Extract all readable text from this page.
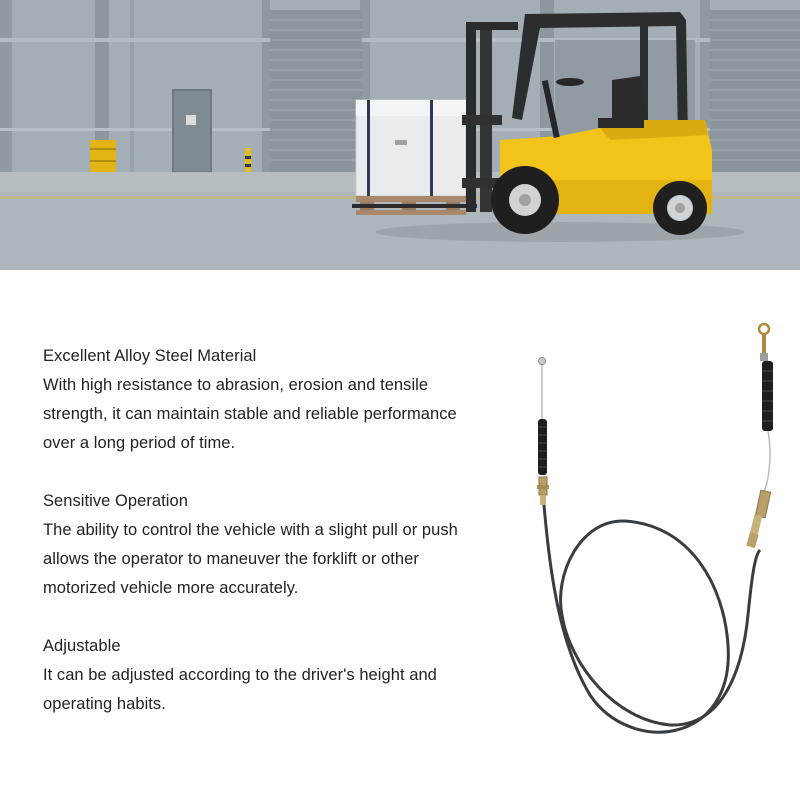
Excellent Alloy Steel Material

With high resistance to abrasion, erosion and tensile

strength, it can maintain stable and reliable performance

over a long period of time.

Sensitive Operation

The ability to control the vehicle with a slight pull or push

allows the operator to maneuver the forklift or other

motorized vehicle more accurately.

Adjustable

It can be adjusted according to the driver's height and

operating habits.
